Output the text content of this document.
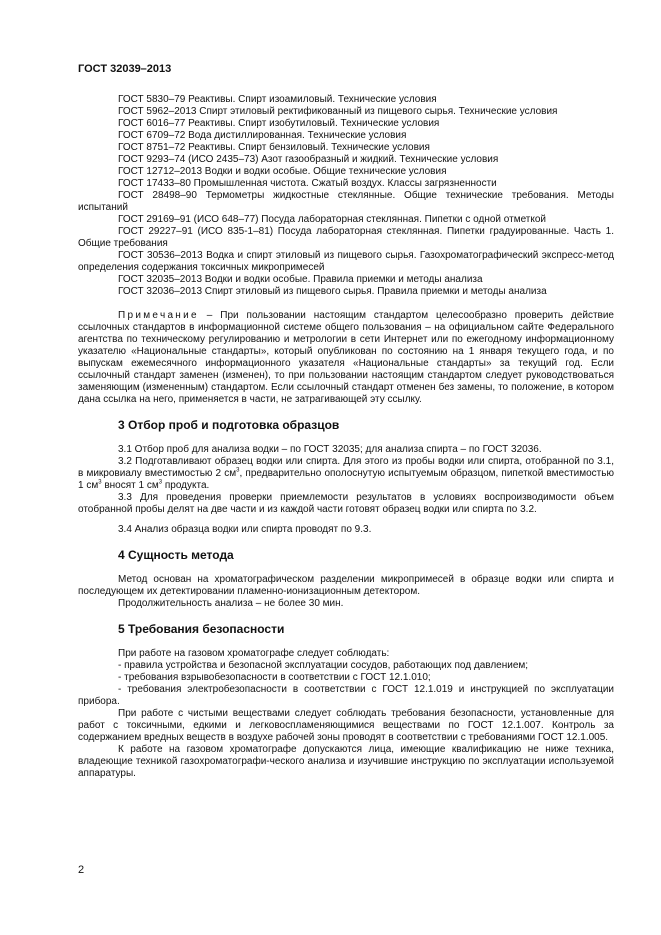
ГОСТ 32039–2013

ГОСТ 5830–79 Реактивы. Спирт изоамиловый. Технические условия

ГОСТ 5962–2013 Спирт этиловый ректификованный из пищевого сырья. Технические условия

ГОСТ 6016–77 Реактивы. Спирт изобутиловый. Технические условия

ГОСТ 6709–72 Вода дистиллированная. Технические условия

ГОСТ 8751–72 Реактивы. Спирт бензиловый. Технические условия

ГОСТ 9293–74 (ИСО 2435–73) Азот газообразный и жидкий. Технические условия

ГОСТ 12712–2013 Водки и водки особые. Общие технические условия

ГОСТ 17433–80 Промышленная чистота. Сжатый воздух. Классы загрязненности

ГОСТ 28498–90 Термометры жидкостные стеклянные. Общие технические требования. Методы испытаний

ГОСТ 29169–91 (ИСО 648–77) Посуда лабораторная стеклянная. Пипетки с одной отметкой

ГОСТ 29227–91 (ИСО 835-1–81) Посуда лабораторная стеклянная. Пипетки градуированные. Часть 1. Общие требования

ГОСТ 30536–2013 Водка и спирт этиловый из пищевого сырья. Газохроматографический экспресс-метод определения содержания токсичных микропримесей

ГОСТ 32035–2013 Водки и водки особые. Правила приемки и методы анализа

ГОСТ 32036–2013 Спирт этиловый из пищевого сырья. Правила приемки и методы анализа

Примечание – При пользовании настоящим стандартом целесообразно проверить действие ссылочных стандартов в информационной системе общего пользования – на официальном сайте Федерального агентства по техническому регулированию и метрологии в сети Интернет или по ежегодному информационному указателю «Национальные стандарты», который опубликован по состоянию на 1 января текущего года, и по выпускам ежемесячного информационного указателя «Национальные стандарты» за текущий год. Если ссылочный стандарт заменен (изменен), то при пользовании настоящим стандартом следует руководствоваться заменяющим (измененным) стандартом. Если ссылочный стандарт отменен без замены, то положение, в котором дана ссылка на него, применяется в части, не затрагивающей эту ссылку.

3 Отбор проб и подготовка образцов

3.1 Отбор проб для анализа водки – по ГОСТ 32035; для анализа спирта – по ГОСТ 32036.

3.2 Подготавливают образец водки или спирта. Для этого из пробы водки или спирта, отобранной по 3.1, в микровиалу вместимостью 2 $см^3$, предварительно ополоснутую испытуемым образцом, пипеткой вместимостью 1 $см^3$ вносят 1 $см^3$ продукта.

3.3 Для проведения проверки приемлемости результатов в условиях воспроизводимости объем отобранной пробы делят на две части и из каждой части готовят образец водки или спирта по 3.2.

3.4 Анализ образца водки или спирта проводят по 9.3.

4 Сущность метода

Метод основан на хроматографическом разделении микропримесей в образце водки или спирта и последующем их детектировании пламенно-ионизационным детектором.

Продолжительность анализа – не более 30 мин.

5 Требования безопасности

При работе на газовом хроматографе следует соблюдать:

- правила устройства и безопасной эксплуатации сосудов, работающих под давлением;

- требования взрывобезопасности в соответствии с ГОСТ 12.1.010;

- требования электробезопасности в соответствии с ГОСТ 12.1.019 и инструкцией по эксплуатации прибора.

При работе с чистыми веществами следует соблюдать требования безопасности, установленные для работ с токсичными, едкими и легковоспламеняющимися веществами по ГОСТ 12.1.007. Контроль за содержанием вредных веществ в воздухе рабочей зоны проводят в соответствии с требованиями ГОСТ 12.1.005.

К работе на газовом хроматографе допускаются лица, имеющие квалификацию не ниже техника, владеющие техникой газохроматографи-ческого анализа и изучившие инструкцию по эксплуатации используемой аппаратуры.

2
